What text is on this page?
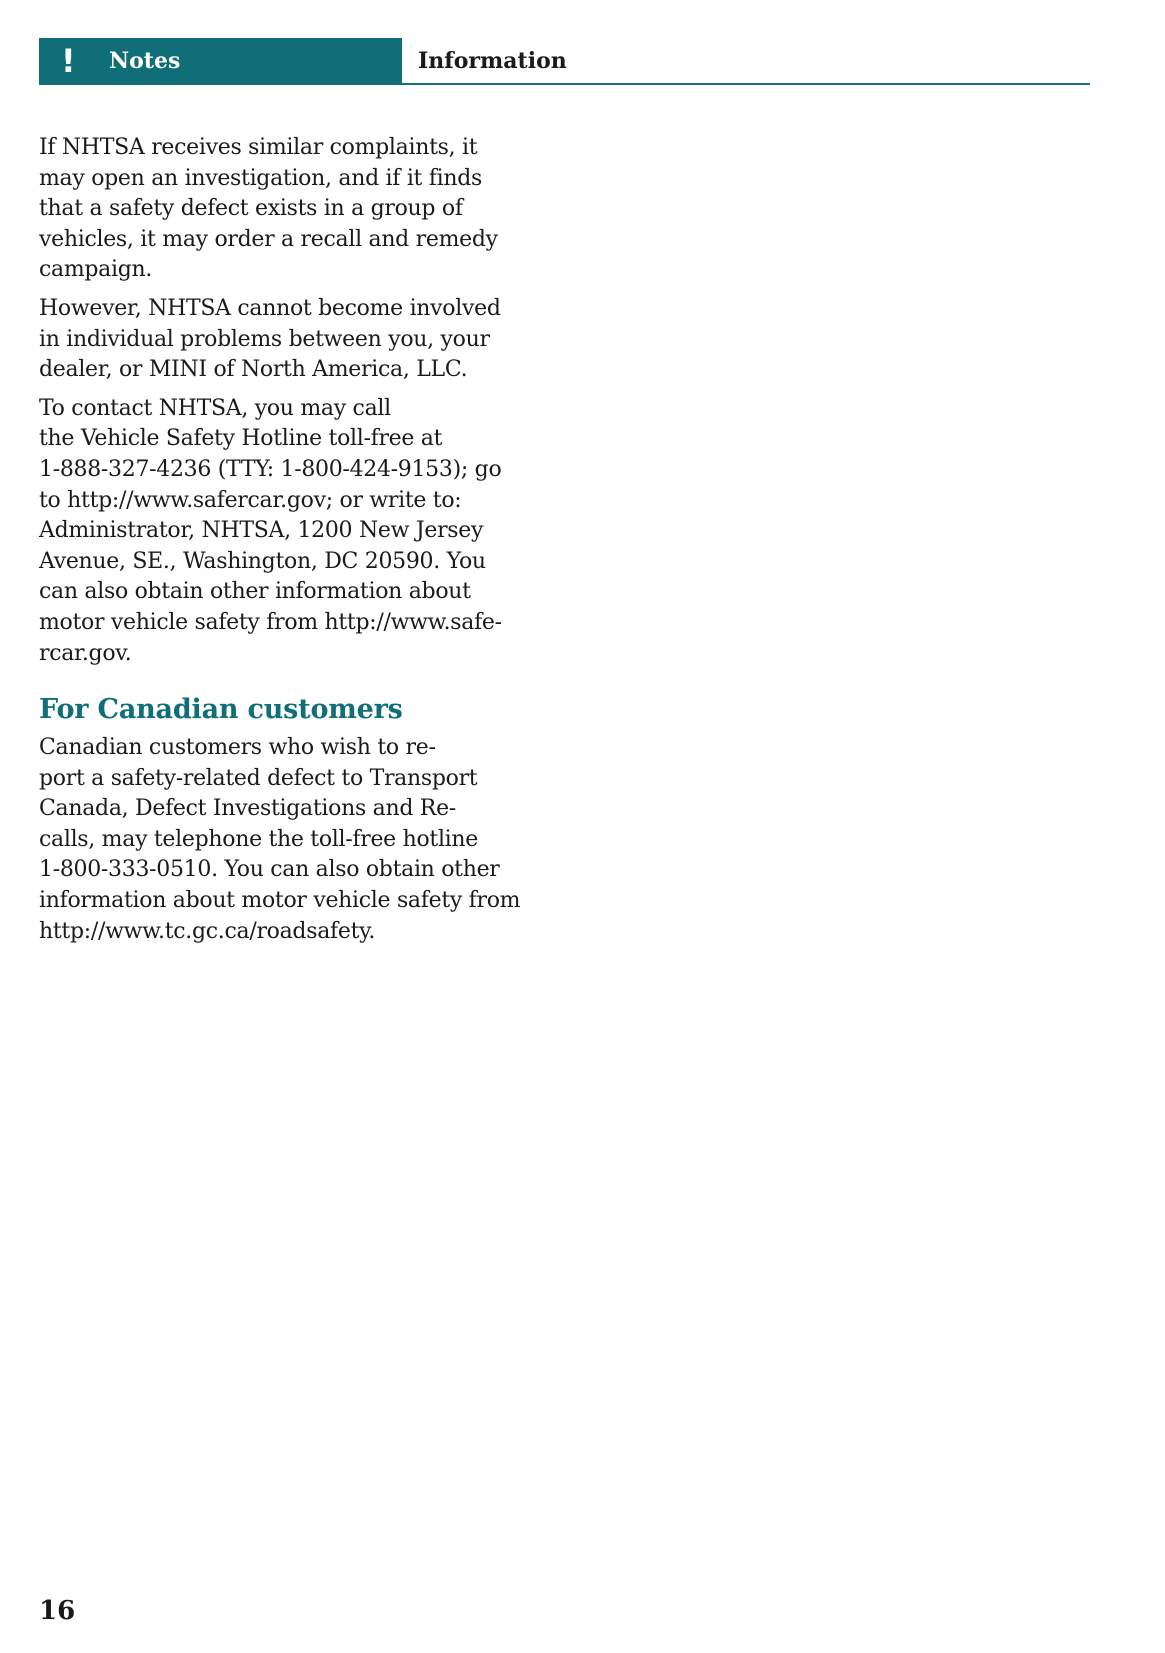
! Notes	Information

If NHTSA receives similar complaints, it
may open an investigation, and if it finds
that a safety defect exists in a group of
vehicles, it may order a recall and remedy
campaign.

However, NHTSA cannot become involved
in individual problems between you, your
dealer, or MINI of North America, LLC.

To contact NHTSA, you may call
the Vehicle Safety Hotline toll-free at
1-888-327-4236 (TTY: 1-800-424-9153); go
to http://www.safercar.gov; or write to:
Administrator, NHTSA, 1200 New Jersey
Avenue, SE., Washington, DC 20590. You
can also obtain other information about
motor vehicle safety from http://www.safe-
rcar.gov.

For Canadian customers

Canadian customers who wish to re-
port a safety-related defect to Transport
Canada, Defect Investigations and Re-
calls, may telephone the toll-free hotline
1-800-333-0510. You can also obtain other
information about motor vehicle safety from
http://www.tc.gc.ca/roadsafety.

16
